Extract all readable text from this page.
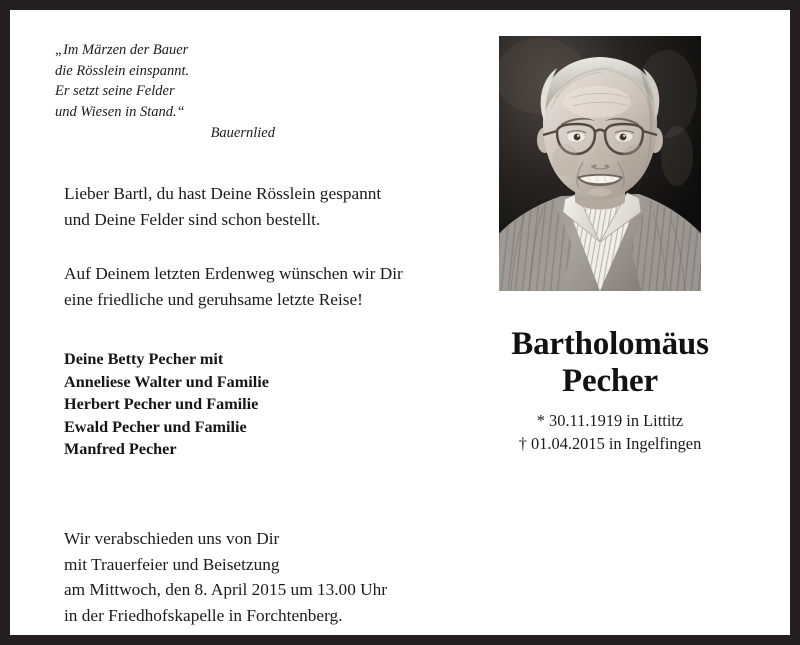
„Im Märzen der Bauer
die Rösslein einspannt.
Er setzt seine Felder
und Wiesen in Stand.“
Bauernlied
Lieber Bartl, du hast Deine Rösslein gespannt
und Deine Felder sind schon bestellt.
Auf Deinem letzten Erdenweg wünschen wir Dir
eine friedliche und geruhsame letzte Reise!
Deine Betty Pecher mit
Anneliese Walter und Familie
Herbert Pecher und Familie
Ewald Pecher und Familie
Manfred Pecher
Wir verabschieden uns von Dir
mit Trauerfeier und Beisetzung
am Mittwoch, den 8. April 2015 um 13.00 Uhr
in der Friedhofskapelle in Forchtenberg.
Bartholomäus
Pecher
* 30.11.1919 in Littitz
† 01.04.2015 in Ingelfingen
